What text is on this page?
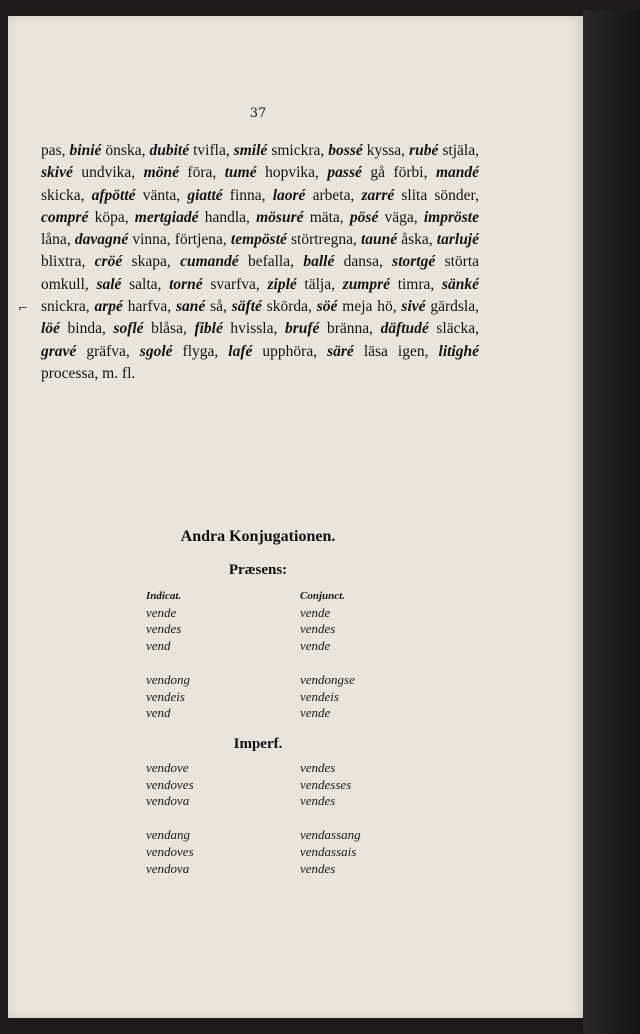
37
⌐
pas, binié önska, dubité tvifla, smilé smickra, bossé kyssa, rubé stjäla, skivé undvika, möné föra, tumé hopvika, passé gå förbi, mandé skicka, afpötté vänta, giatté finna, laoré arbeta, zarré slita sönder, compré köpa, mertgiadé handla, mösuré mäta, pösé väga, impröste låna, davagné vinna, förtjena, tempösté störtregna, tauné åska, tarlujé blixtra, cröé skapa, cumandé befalla, ballé dansa, stortgé störta omkull, salé salta, torné svarfva, ziplé tälja, zumpré timra, sänké snickra, arpé harfva, sané så, säfté skörda, söé meja hö, sivé gärdsla, löé binda, soflé blåsa, fiblé hvissla, brufé bränna, däftudé släcka, gravé gräfva, sgolé flyga, lafé upphöra, säré läsa igen, litighé processa, m. fl.
Andra Konjugationen.
Præsens:
Indicat.
vende
vendes
vend
vendong
vendeis
vend
Conjunct.
vende
vendes
vende
vendongse
vendeis
vende
Imperf.
vendove
vendoves
vendova
vendang
vendoves
vendova
vendes
vendesses
vendes
vendassang
vendassais
vendes
